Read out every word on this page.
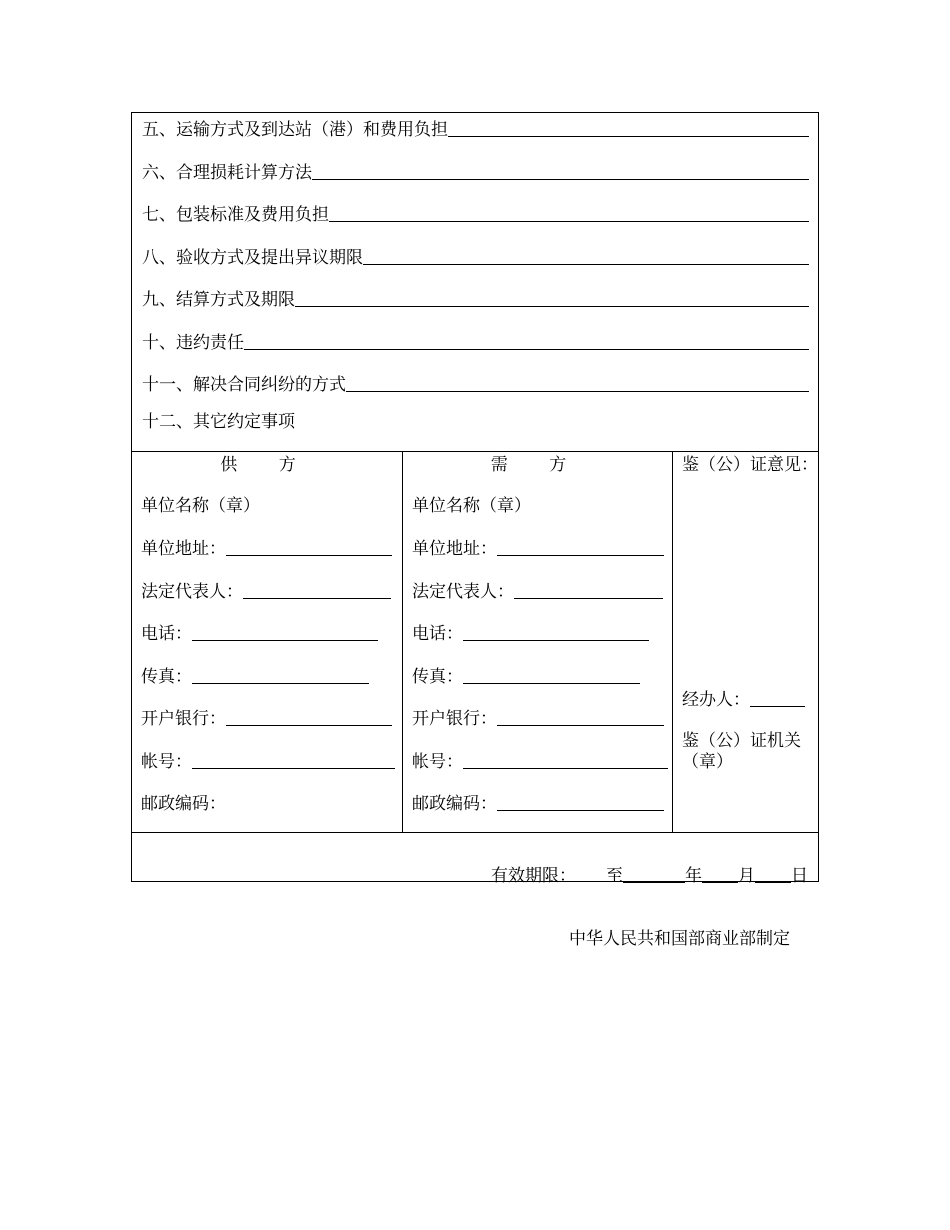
五、运输方式及到达站（港）和费用负担
六、合理损耗计算方法
七、包装标准及费用负担
八、验收方式及提出异议期限
九、结算方式及期限
十、违约责任
十一、解决合同纠纷的方式
十二、其它约定事项
供 方
单位名称（章）
单位地址：
法定代表人：
电话：
传真：
开户银行：
帐号：
邮政编码：
需 方
单位名称（章）
单位地址：
法定代表人：
电话：
传真：
开户银行：
帐号：
邮政编码：
鉴（公）证意见：
经办人：
鉴（公）证机关
（章）
有效期限： 至	年 月 日
中华人民共和国部商业部制定
